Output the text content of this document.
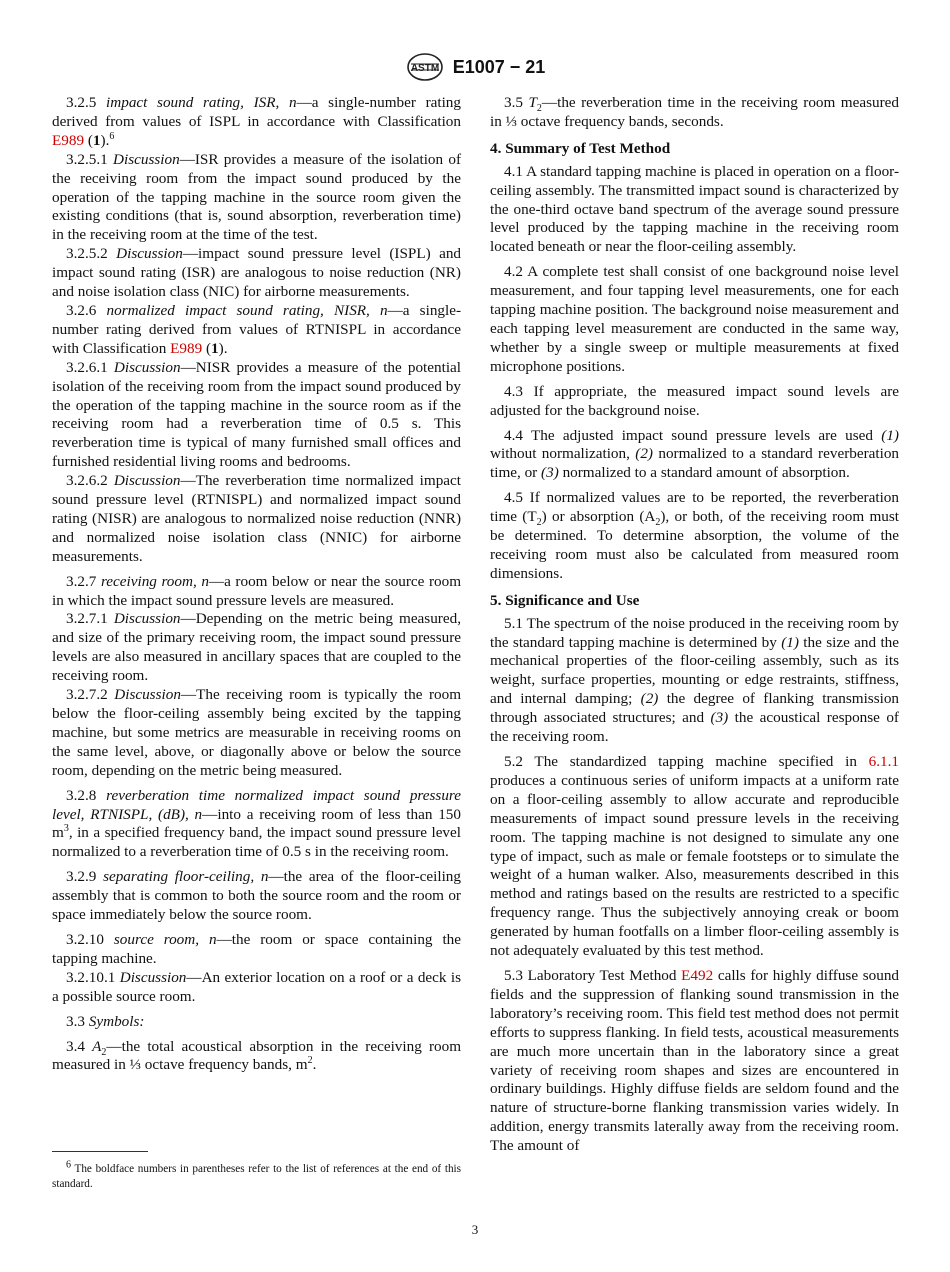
ASTM E1007 − 21

3.2.5 impact sound rating, ISR, n—a single-number rating derived from values of ISPL in accordance with Classification E989 (1).$^6$

3.2.5.1 Discussion—ISR provides a measure of the isolation of the receiving room from the impact sound produced by the operation of the tapping machine in the source room given the existing conditions (that is, sound absorption, reverberation time) in the receiving room at the time of the test.

3.2.5.2 Discussion—impact sound pressure level (ISPL) and impact sound rating (ISR) are analogous to noise reduction (NR) and noise isolation class (NIC) for airborne measurements.

3.2.6 normalized impact sound rating, NISR, n—a single-number rating derived from values of RTNISPL in accordance with Classification E989 (1).

3.2.6.1 Discussion—NISR provides a measure of the potential isolation of the receiving room from the impact sound produced by the operation of the tapping machine in the source room as if the receiving room had a reverberation time of 0.5 s. This reverberation time is typical of many furnished small offices and furnished residential living rooms and bedrooms.

3.2.6.2 Discussion—The reverberation time normalized impact sound pressure level (RTNISPL) and normalized impact sound rating (NISR) are analogous to normalized noise reduction (NNR) and normalized noise isolation class (NNIC) for airborne measurements.

3.2.7 receiving room, n—a room below or near the source room in which the impact sound pressure levels are measured.

3.2.7.1 Discussion—Depending on the metric being measured, and size of the primary receiving room, the impact sound pressure levels are also measured in ancillary spaces that are coupled to the receiving room.

3.2.7.2 Discussion—The receiving room is typically the room below the floor-ceiling assembly being excited by the tapping machine, but some metrics are measurable in receiving rooms on the same level, above, or diagonally above or below the source room, depending on the metric being measured.

3.2.8 reverberation time normalized impact sound pressure level, RTNISPL, (dB), n—into a receiving room of less than 150 $m^3$, in a specified frequency band, the impact sound pressure level normalized to a reverberation time of 0.5 s in the receiving room.

3.2.9 separating floor-ceiling, n—the area of the floor-ceiling assembly that is common to both the source room and the room or space immediately below the source room.

3.2.10 source room, n—the room or space containing the tapping machine.

3.2.10.1 Discussion—An exterior location on a roof or a deck is a possible source room.

3.3 Symbols:

3.4 $A_2—the$ total acoustical absorption in the receiving room measured in ⅓ octave frequency bands, $m^2$.

3.5 $T_2—the$ reverberation time in the receiving room measured in ⅓ octave frequency bands, seconds.

4. Summary of Test Method

4.1 A standard tapping machine is placed in operation on a floor-ceiling assembly. The transmitted impact sound is characterized by the one-third octave band spectrum of the average sound pressure level produced by the tapping machine in the receiving room located beneath or near the floor-ceiling assembly.

4.2 A complete test shall consist of one background noise level measurement, and four tapping level measurements, one for each tapping machine position. The background noise measurement and each tapping level measurement are conducted in the same way, whether by a single sweep or multiple measurements at fixed microphone positions.

4.3 If appropriate, the measured impact sound levels are adjusted for the background noise.

4.4 The adjusted impact sound pressure levels are used (1) without normalization, (2) normalized to a standard reverberation time, or (3) normalized to a standard amount of absorption.

4.5 If normalized values are to be reported, the reverberation time $(T_2)$ or absorption $(A_2)$, or both, of the receiving room must be determined. To determine absorption, the volume of the receiving room must also be calculated from measured room dimensions.

5. Significance and Use

5.1 The spectrum of the noise produced in the receiving room by the standard tapping machine is determined by (1) the size and the mechanical properties of the floor-ceiling assembly, such as its weight, surface properties, mounting or edge restraints, stiffness, and internal damping; (2) the degree of flanking transmission through associated structures; and (3) the acoustical response of the receiving room.

5.2 The standardized tapping machine specified in 6.1.1 produces a continuous series of uniform impacts at a uniform rate on a floor-ceiling assembly to allow accurate and reproducible measurements of impact sound pressure levels in the receiving room. The tapping machine is not designed to simulate any one type of impact, such as male or female footsteps or to simulate the weight of a human walker. Also, measurements described in this method and ratings based on the results are restricted to a specific frequency range. Thus the subjectively annoying creak or boom generated by human footfalls on a limber floor-ceiling assembly is not adequately evaluated by this test method.

5.3 Laboratory Test Method E492 calls for highly diffuse sound fields and the suppression of flanking sound transmission in the laboratory’s receiving room. This field test method does not permit efforts to suppress flanking. In field tests, acoustical measurements are much more uncertain than in the laboratory since a great variety of receiving room shapes and sizes are encountered in ordinary buildings. Highly diffuse fields are seldom found and the nature of structure-borne flanking transmission varies widely. In addition, energy transmits laterally away from the receiving room. The amount of

$^6$ The boldface numbers in parentheses refer to the list of references at the end of this standard.
3
